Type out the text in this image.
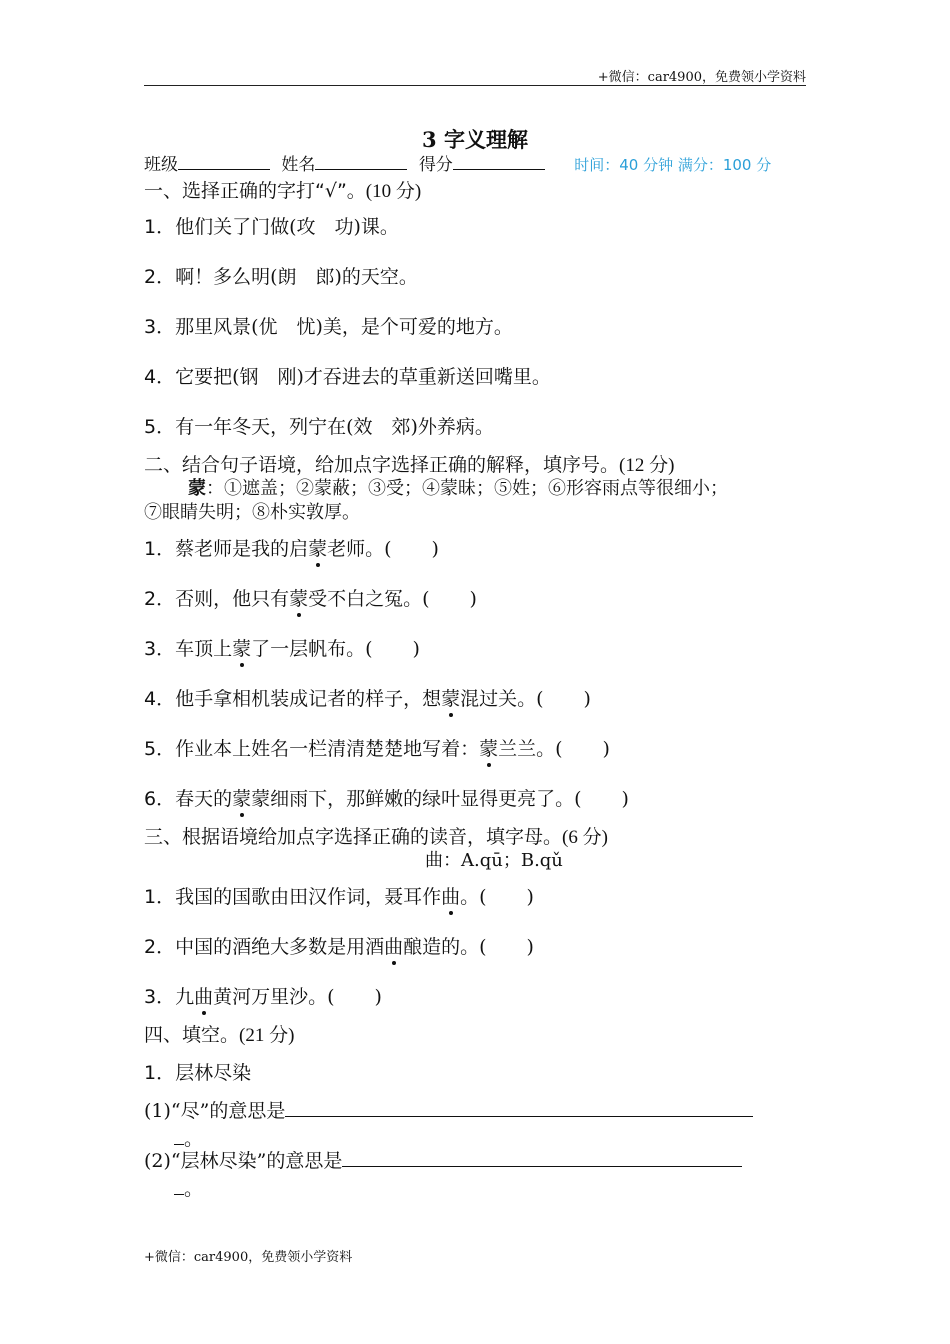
+微信：car4900，免费领小学资料
3 字义理解
班级	姓名	得分	时间：40 分钟 满分：100 分
一、选择正确的字打“√”。(10 分)
1．他们关了门做(攻　功)课。
2．啊！多么明(朗　郎)的天空。
3．那里风景(优　忧)美，是个可爱的地方。
4．它要把(钢　刚)才吞进去的草重新送回嘴里。
5．有一年冬天，列宁在(效　郊)外养病。
二、结合句子语境，给加点字选择正确的解释，填序号。(12 分)
蒙：①遮盖；②蒙蔽；③受；④蒙昧；⑤姓；⑥形容雨点等很细小；
⑦眼睛失明；⑧朴实敦厚。
1．蔡老师是我的启蒙老师。( )
2．否则，他只有蒙受不白之冤。( )
3．车顶上蒙了一层帆布。( )
4．他手拿相机装成记者的样子，想蒙混过关。( )
5．作业本上姓名一栏清清楚楚地写着：蒙兰兰。( )
6．春天的蒙蒙细雨下，那鲜嫩的绿叶显得更亮了。( )
三、根据语境给加点字选择正确的读音，填字母。(6 分)
曲：A.qū；B.qǔ
1．我国的国歌由田汉作词，聂耳作曲。( )
2．中国的酒绝大多数是用酒曲酿造的。( )
3．九曲黄河万里沙。( )
四、填空。(21 分)
1．层林尽染
(1)“尽”的意思是
。
(2)“层林尽染”的意思是
。
+微信：car4900，免费领小学资料
